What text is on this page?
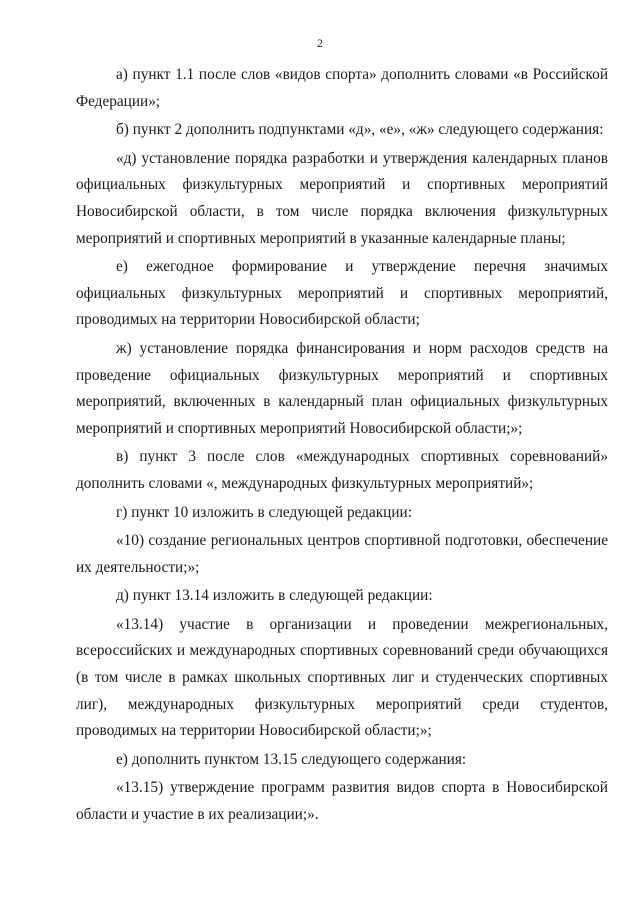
2

а) пункт 1.1 после слов «видов спорта» дополнить словами «в Российской Федерации»;

б) пункт 2 дополнить подпунктами «д», «е», «ж» следующего содержания:

«д) установление порядка разработки и утверждения календарных планов официальных физкультурных мероприятий и спортивных мероприятий Новосибирской области, в том числе порядка включения физкультурных мероприятий и спортивных мероприятий в указанные календарные планы;

е) ежегодное формирование и утверждение перечня значимых официальных физкультурных мероприятий и спортивных мероприятий, проводимых на территории Новосибирской области;

ж) установление порядка финансирования и норм расходов средств на проведение официальных физкультурных мероприятий и спортивных мероприятий, включенных в календарный план официальных физкультурных мероприятий и спортивных мероприятий Новосибирской области;»;

в) пункт 3 после слов «международных спортивных соревнований» дополнить словами «, международных физкультурных мероприятий»;

г) пункт 10 изложить в следующей редакции:

«10) создание региональных центров спортивной подготовки, обеспечение их деятельности;»;

д) пункт 13.14 изложить в следующей редакции:

«13.14) участие в организации и проведении межрегиональных, всероссийских и международных спортивных соревнований среди обучающихся (в том числе в рамках школьных спортивных лиг и студенческих спортивных лиг), международных физкультурных мероприятий среди студентов, проводимых на территории Новосибирской области;»;

е) дополнить пунктом 13.15 следующего содержания:

«13.15) утверждение программ развития видов спорта в Новосибирской области и участие в их реализации;».
